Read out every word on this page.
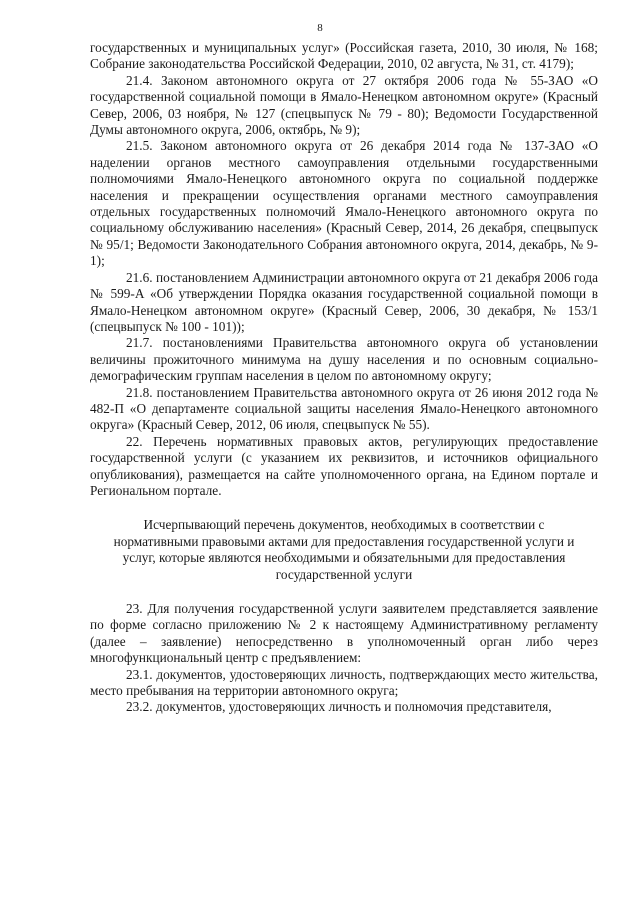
8

государственных и муниципальных услуг» (Российская газета, 2010, 30 июля, № 168; Собрание законодательства Российской Федерации, 2010, 02 августа, № 31, ст. 4179);

21.4. Законом автономного округа от 27 октября 2006 года № 55-ЗАО «О государственной социальной помощи в Ямало-Ненецком автономном округе» (Красный Север, 2006, 03 ноября, № 127 (спецвыпуск № 79 - 80); Ведомости Государственной Думы автономного округа, 2006, октябрь, № 9);

21.5. Законом автономного округа от 26 декабря 2014 года № 137-ЗАО «О наделении органов местного самоуправления отдельными государственными полномочиями Ямало-Ненецкого автономного округа по социальной поддержке населения и прекращении осуществления органами местного самоуправления отдельных государственных полномочий Ямало-Ненецкого автономного округа по социальному обслуживанию населения» (Красный Север, 2014, 26 декабря, спецвыпуск № 95/1; Ведомости Законодательного Собрания автономного округа, 2014, декабрь, № 9-1);

21.6. постановлением Администрации автономного округа от 21 декабря 2006 года № 599-А «Об утверждении Порядка оказания государственной социальной помощи в Ямало-Ненецком автономном округе» (Красный Север, 2006, 30 декабря, № 153/1 (спецвыпуск № 100 - 101));

21.7. постановлениями Правительства автономного округа об установлении величины прожиточного минимума на душу населения и по основным социально-демографическим группам населения в целом по автономному округу;

21.8. постановлением Правительства автономного округа от 26 июня 2012 года № 482-П «О департаменте социальной защиты населения Ямало-Ненецкого автономного округа» (Красный Север, 2012, 06 июля, спецвыпуск № 55).

22. Перечень нормативных правовых актов, регулирующих предоставление государственной услуги (с указанием их реквизитов, и источников официального опубликования), размещается на сайте уполномоченного органа, на Едином портале и Региональном портале.

Исчерпывающий перечень документов, необходимых в соответствии с нормативными правовыми актами для предоставления государственной услуги и услуг, которые являются необходимыми и обязательными для предоставления государственной услуги

23. Для получения государственной услуги заявителем представляется заявление по форме согласно приложению № 2 к настоящему Административному регламенту (далее – заявление) непосредственно в уполномоченный орган либо через многофункциональный центр с предъявлением:

23.1. документов, удостоверяющих личность, подтверждающих место жительства, место пребывания на территории автономного округа;

23.2. документов, удостоверяющих личность и полномочия представителя,
